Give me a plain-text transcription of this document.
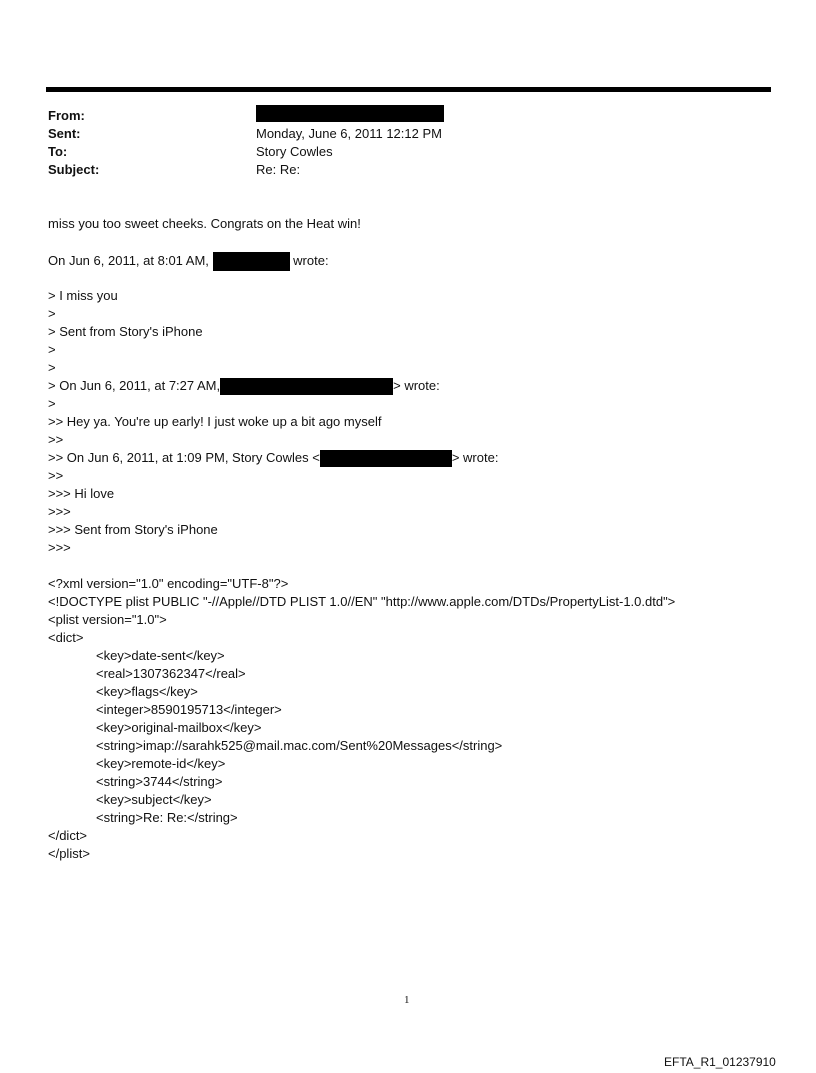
From:
Sent:	Monday, June 6, 2011 12:12 PM
To:	Story Cowles
Subject:	Re: Re:
miss you too sweet cheeks. Congrats on the Heat win!
On Jun 6, 2011, at 8:01 AM,	wrote:
> I miss you
>
> Sent from Story's iPhone
>
>
> On Jun 6, 2011, at 7:27 AM,	> wrote:
>
>> Hey ya. You're up early! I just woke up a bit ago myself
>>
>> On Jun 6, 2011, at 1:09 PM, Story Cowles <	> wrote:
>>
>>> Hi love
>>>
>>> Sent from Story's iPhone
>>>
<?xml version="1.0" encoding="UTF-8"?>
<!DOCTYPE plist PUBLIC "-//Apple//DTD PLIST 1.0//EN" "http://www.apple.com/DTDs/PropertyList-1.0.dtd">
<plist version="1.0">
<dict>
<key>date-sent</key>
<real>1307362347</real>
<key>flags</key>
<integer>8590195713</integer>
<key>original-mailbox</key>
<string>imap://sarahk525@mail.mac.com/Sent%20Messages</string>
<key>remote-id</key>
<string>3744</string>
<key>subject</key>
<string>Re: Re:</string>
</dict>
</plist>
1
EFTA_R1_01237910
